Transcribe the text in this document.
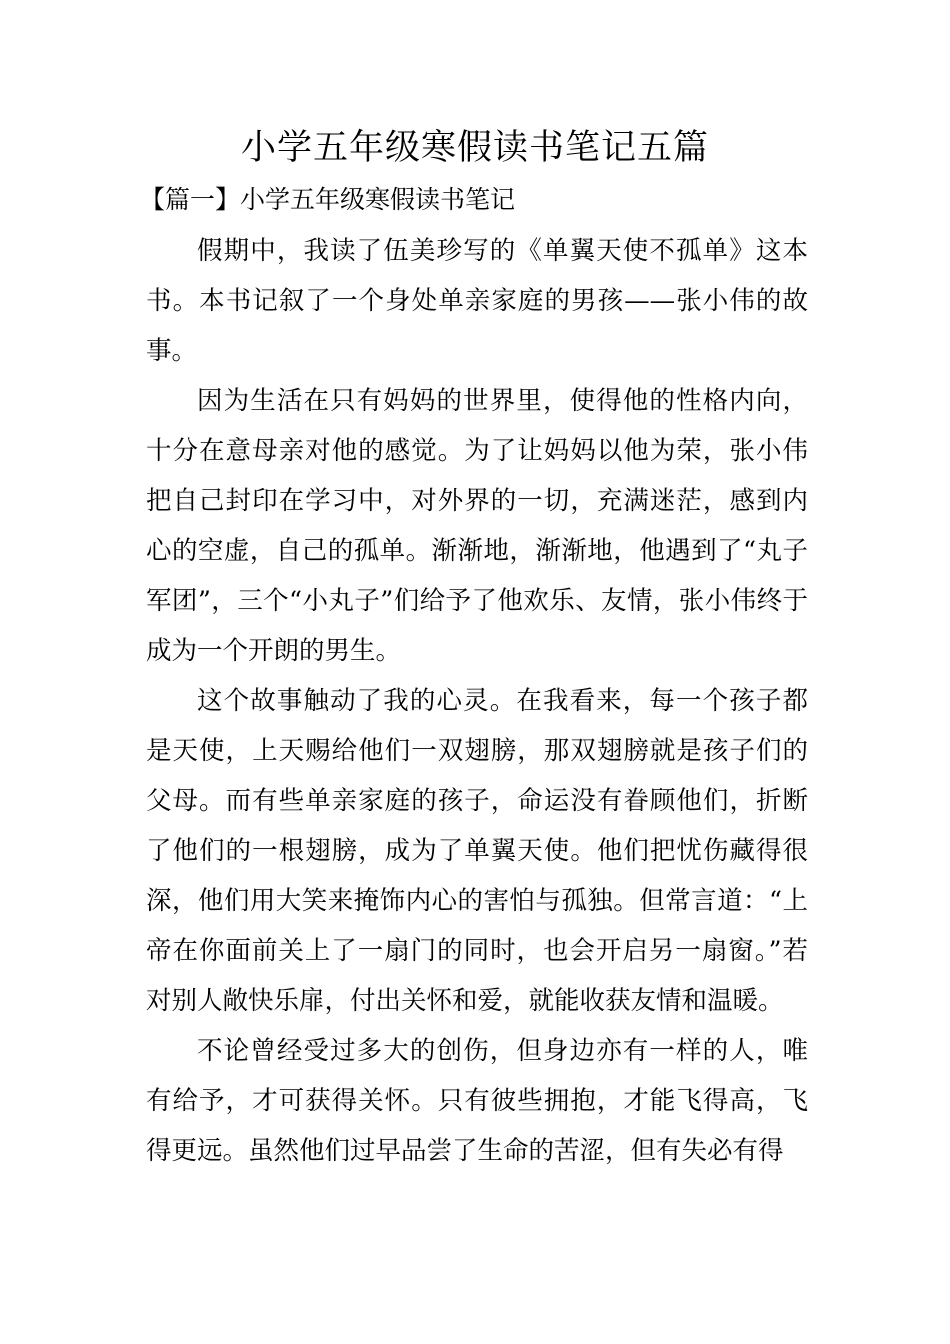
小学五年级寒假读书笔记五篇
【篇一】小学五年级寒假读书笔记

假期中，我读了伍美珍写的《单翼天使不孤单》这本书。本书记叙了一个身处单亲家庭的男孩——张小伟的故事。

因为生活在只有妈妈的世界里，使得他的性格内向，十分在意母亲对他的感觉。为了让妈妈以他为荣，张小伟把自己封印在学习中，对外界的一切，充满迷茫，感到内心的空虚，自己的孤单。渐渐地，渐渐地，他遇到了“丸子军团”，三个“小丸子”们给予了他欢乐、友情，张小伟终于成为一个开朗的男生。

这个故事触动了我的心灵。在我看来，每一个孩子都是天使，上天赐给他们一双翅膀，那双翅膀就是孩子们的父母。而有些单亲家庭的孩子，命运没有眷顾他们，折断了他们的一根翅膀，成为了单翼天使。他们把忧伤藏得很深，他们用大笑来掩饰内心的害怕与孤独。但常言道：“上帝在你面前关上了一扇门的同时，也会开启另一扇窗。”若对别人敞快乐扉，付出关怀和爱，就能收获友情和温暖。

不论曾经受过多大的创伤，但身边亦有一样的人，唯有给予，才可获得关怀。只有彼些拥抱，才能飞得高，飞得更远。虽然他们过早品尝了生命的苦涩，但有失必有得
